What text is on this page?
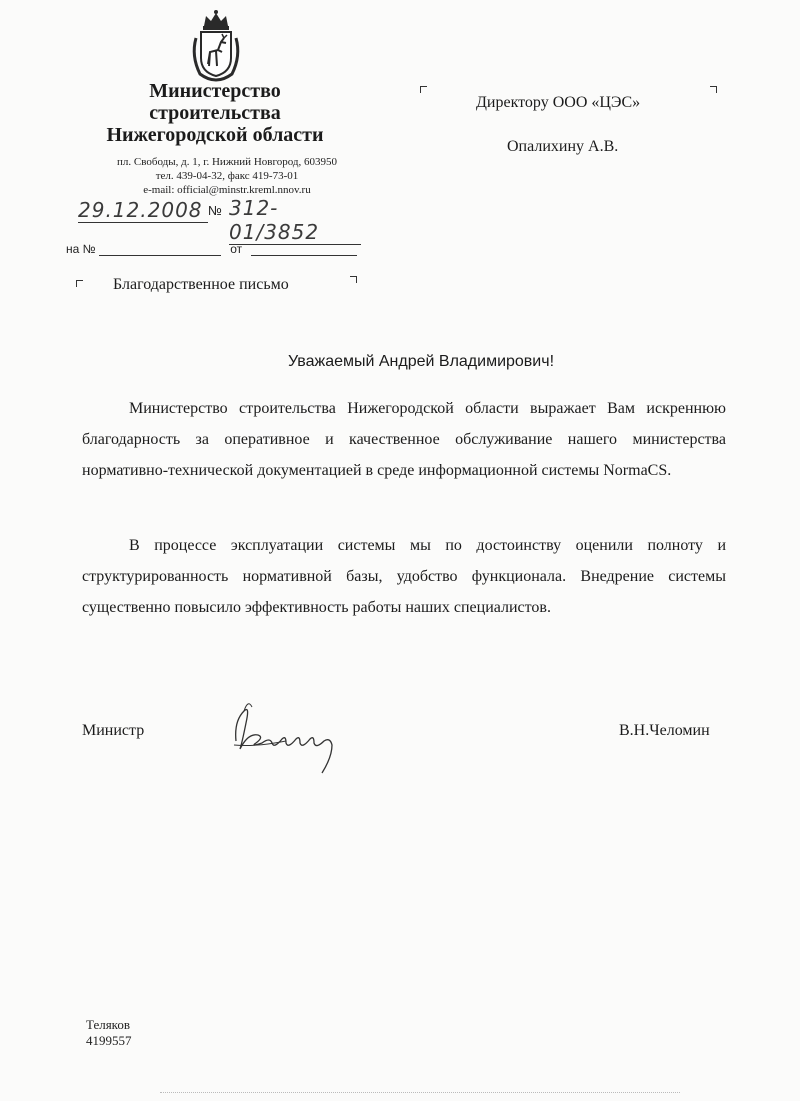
Министерство
строительства
Нижегородской области
пл. Свободы, д. 1, г. Нижний Новгород, 603950
тел. 439-04-32, факс 419-73-01
e-mail: official@minstr.kreml.nnov.ru
29.12.2008 № 312-01/3852
на №	от
Благодарственное письмо
Директору ООО «ЦЭС»
Опалихину А.В.
Уважаемый Андрей Владимирович!
Министерство строительства Нижегородской области выражает Вам искреннюю благодарность за оперативное и качественное обслуживание нашего министерства нормативно-технической документацией в среде информационной системы NormaCS.
В процессе эксплуатации системы мы по достоинству оценили полноту и структурированность нормативной базы, удобство функционала. Внедрение системы существенно повысило эффективность работы наших специалистов.
Министр	В.Н.Челомин
Теляков
4199557
